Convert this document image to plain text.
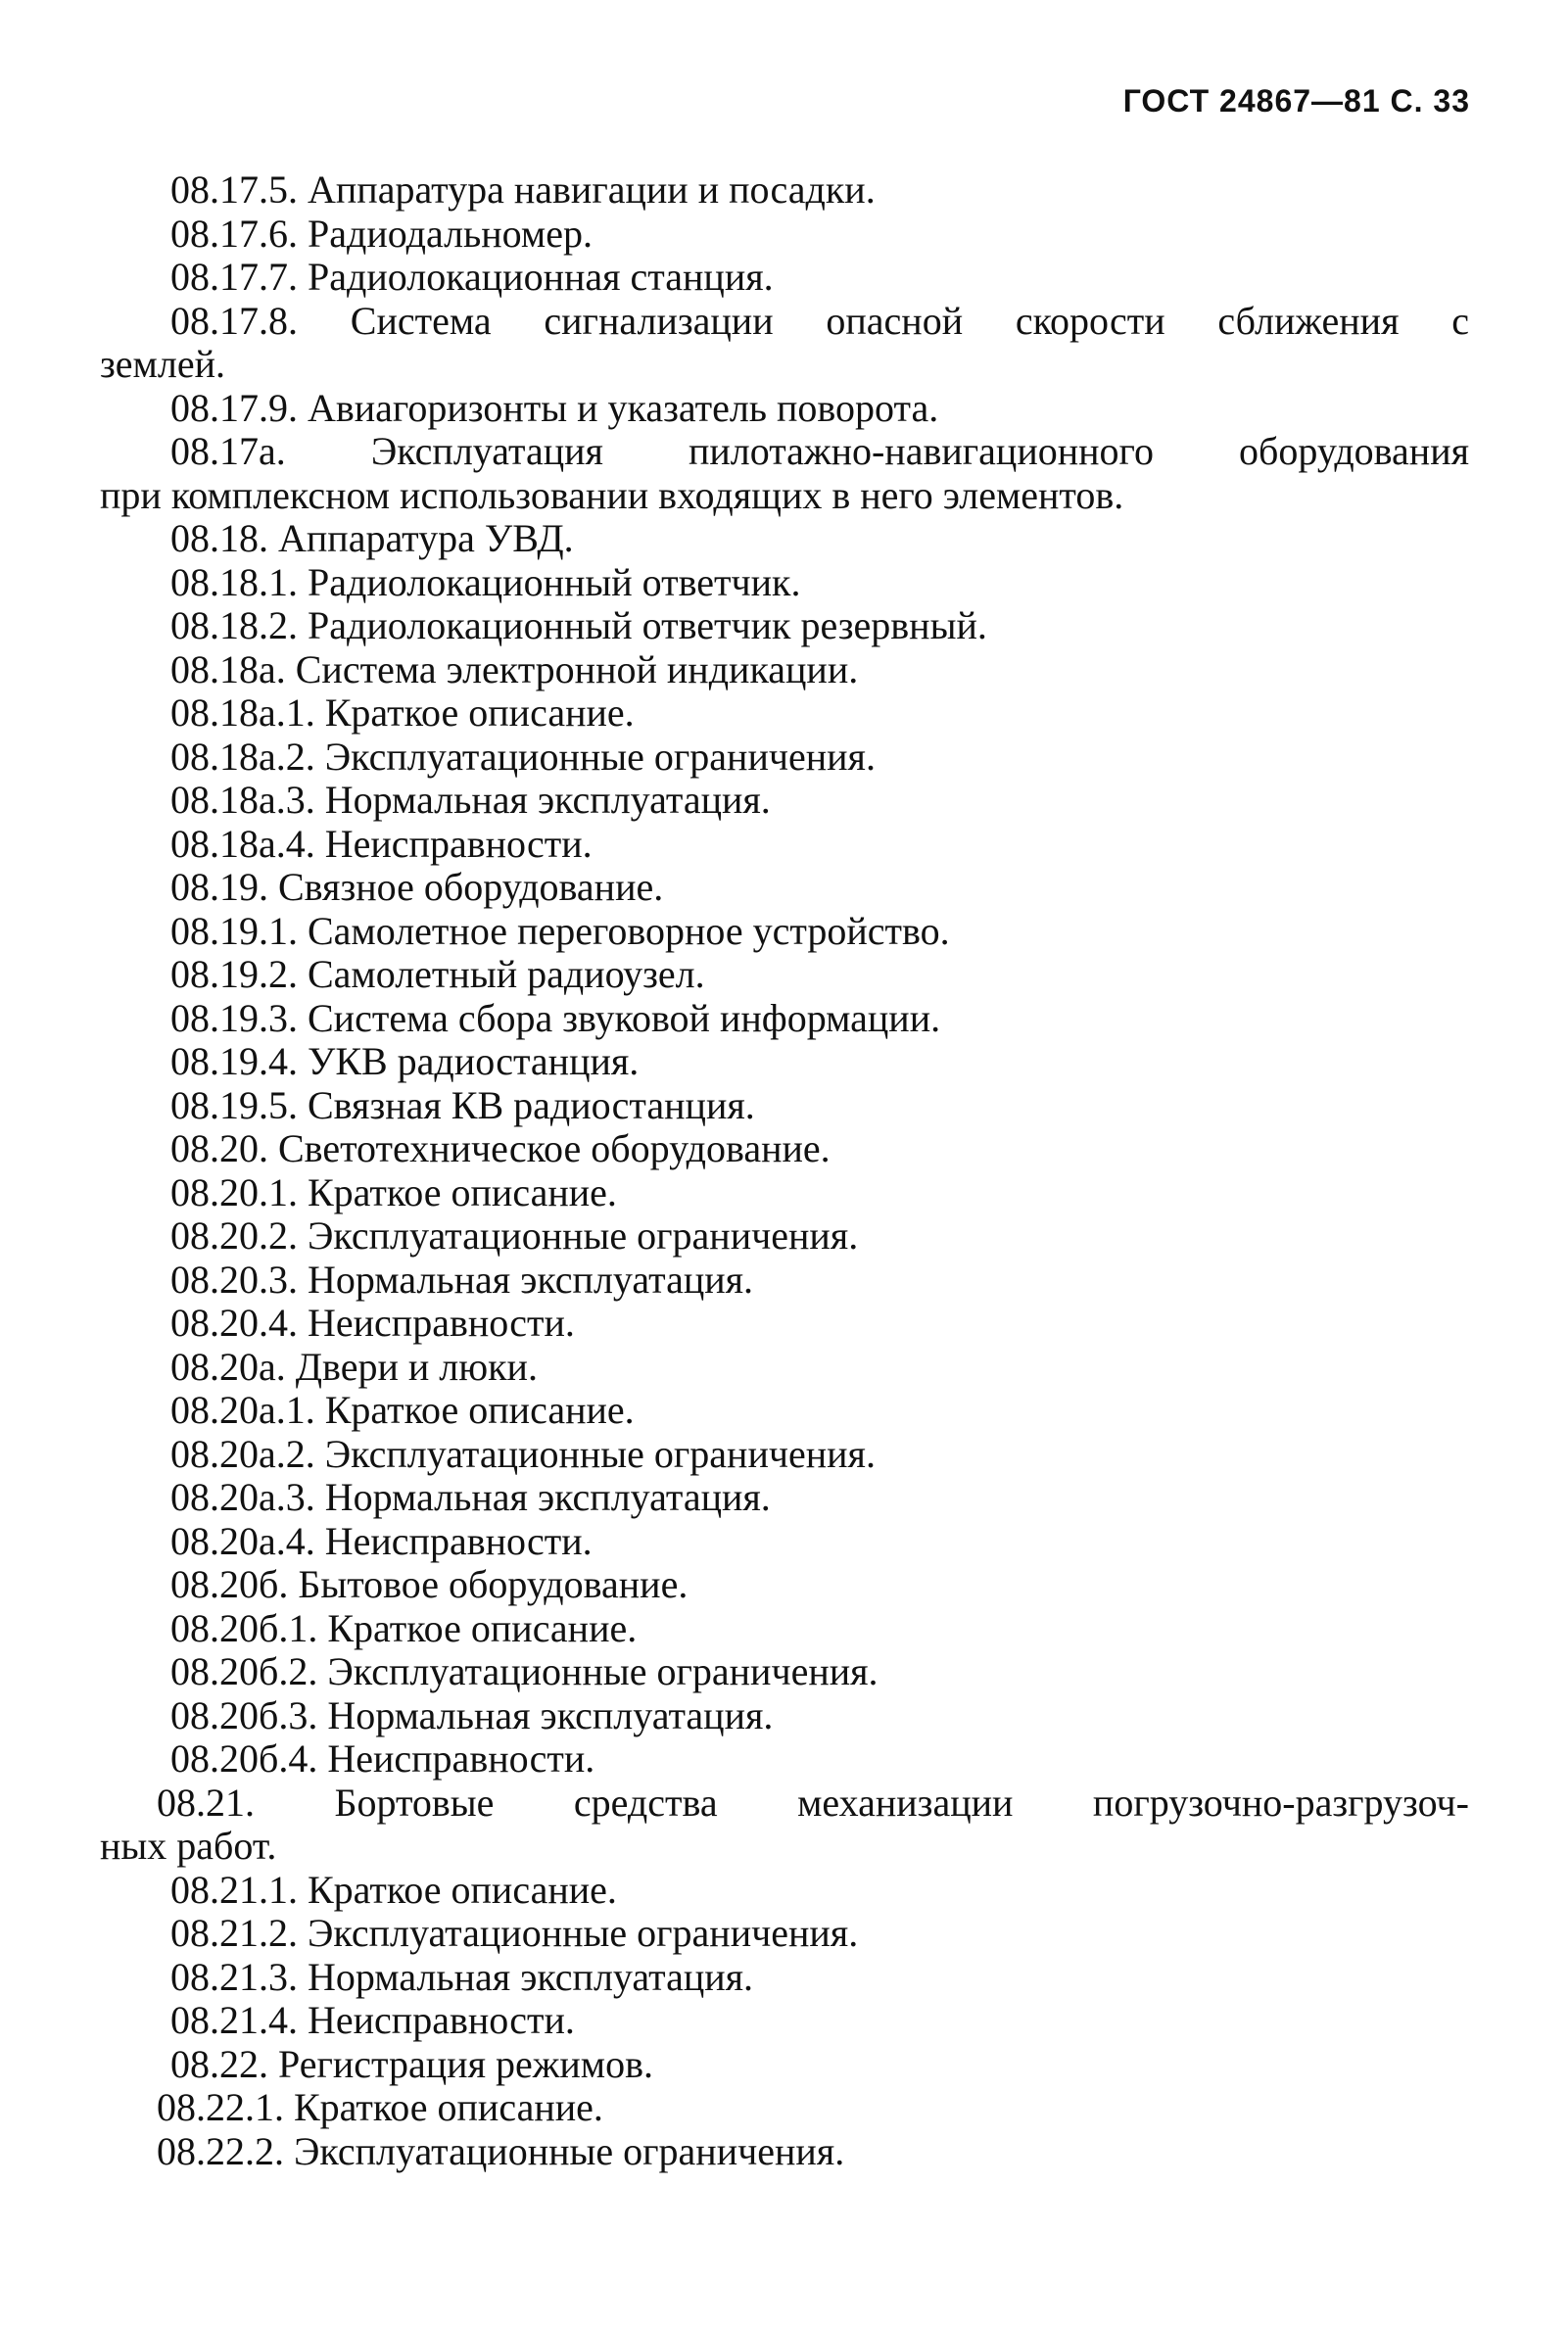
ГОСТ 24867—81 С. 33
08.17.5. Аппаратура навигации и посадки.
08.17.6. Радиодальномер.
08.17.7. Радиолокационная станция.
08.17.8. Система сигнализации опасной скорости сближения с
землей.
08.17.9. Авиагоризонты и указатель поворота.
08.17а. Эксплуатация пилотажно-навигационного оборудования
при комплексном использовании входящих в него элементов.
08.18. Аппаратура УВД.
08.18.1. Радиолокационный ответчик.
08.18.2. Радиолокационный ответчик резервный.
08.18а. Система электронной индикации.
08.18а.1. Краткое описание.
08.18а.2. Эксплуатационные ограничения.
08.18а.3. Нормальная эксплуатация.
08.18а.4. Неисправности.
08.19. Связное оборудование.
08.19.1. Самолетное переговорное устройство.
08.19.2. Самолетный радиоузел.
08.19.3. Система сбора звуковой информации.
08.19.4. УКВ радиостанция.
08.19.5. Связная КВ радиостанция.
08.20. Светотехническое оборудование.
08.20.1. Краткое описание.
08.20.2. Эксплуатационные ограничения.
08.20.3. Нормальная эксплуатация.
08.20.4. Неисправности.
08.20а. Двери и люки.
08.20а.1. Краткое описание.
08.20а.2. Эксплуатационные ограничения.
08.20а.3. Нормальная эксплуатация.
08.20а.4. Неисправности.
08.20б. Бытовое оборудование.
08.20б.1. Краткое описание.
08.20б.2. Эксплуатационные ограничения.
08.20б.3. Нормальная эксплуатация.
08.20б.4. Неисправности.
08.21. Бортовые средства механизации погрузочно-разгрузоч-
ных работ.
08.21.1. Краткое описание.
08.21.2. Эксплуатационные ограничения.
08.21.3. Нормальная эксплуатация.
08.21.4. Неисправности.
08.22. Регистрация режимов.
08.22.1. Краткое описание.
08.22.2. Эксплуатационные ограничения.
